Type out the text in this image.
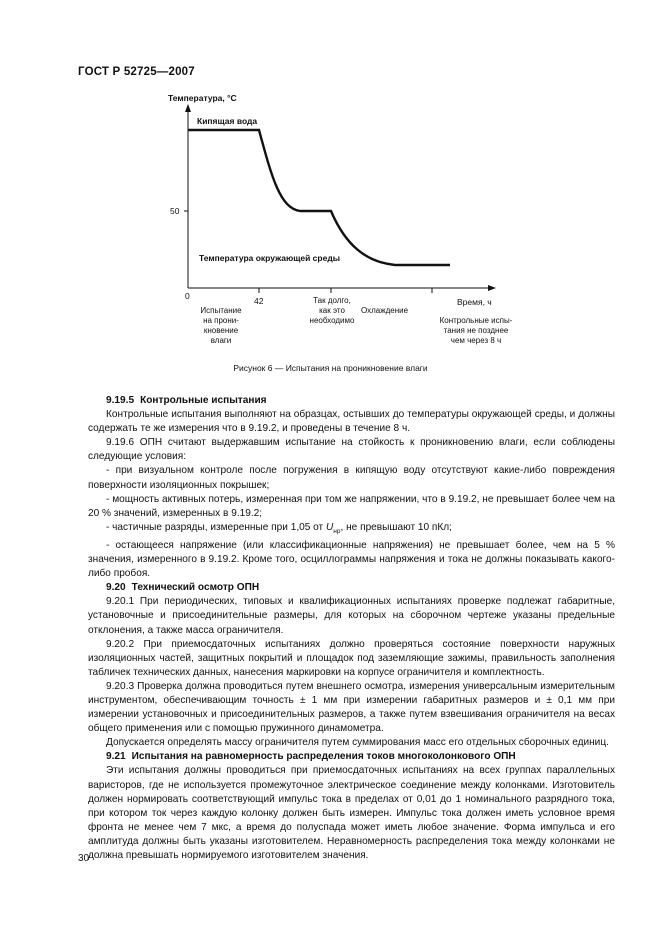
ГОСТ Р 52725—2007
Температура, °С
Кипящая вода
Температура окружающей среды
50
0	42	Время, ч
Испытание
на прони-
кновение
влаги
Так долго,
как это
необходимо
Охлаждение
Контрольные испы-
тания не позднее
чем через 8 ч
Рисунок 6 — Испытания на проникновение влаги

9.19.5 Контрольные испытания

Контрольные испытания выполняют на образцах, остывших до температуры окружающей среды, и должны содержать те же измерения что в 9.19.2, и проведены в течение 8 ч.

9.19.6 ОПН считают выдержавшим испытание на стойкость к проникновению влаги, если соблюдены следующие условия:

- при визуальном контроле после погружения в кипящую воду отсутствуют какие-либо повреждения поверхности изоляционных покрышек;

- мощность активных потерь, измеренная при том же напряжении, что в 9.19.2, не превышает более чем на 20 % значений, измеренных в 9.19.2;

- частичные разряды, измеренные при 1,05 от $U_{нр}$, не превышают 10 пКл;

- остающееся напряжение (или классификационные напряжения) не превышает более, чем на 5 % значения, измеренного в 9.19.2. Кроме того, осциллограммы напряжения и тока не должны показывать какого-либо пробоя.

9.20 Технический осмотр ОПН

9.20.1 При периодических, типовых и квалификационных испытаниях проверке подлежат габаритные, установочные и присоединительные размеры, для которых на сборочном чертеже указаны предельные отклонения, а также масса ограничителя.

9.20.2 При приемосдаточных испытаниях должно проверяться состояние поверхности наружных изоляционных частей, защитных покрытий и площадок под заземляющие зажимы, правильность заполнения табличек технических данных, нанесения маркировки на корпусе ограничителя и комплектность.

9.20.3 Проверка должна проводиться путем внешнего осмотра, измерения универсальным измерительным инструментом, обеспечивающим точность ± 1 мм при измерении габаритных размеров и ± 0,1 мм при измерении установочных и присоединительных размеров, а также путем взвешивания ограничителя на весах общего применения или с помощью пружинного динамометра.

Допускается определять массу ограничителя путем суммирования масс его отдельных сборочных единиц.

9.21 Испытания на равномерность распределения токов многоколонкового ОПН

Эти испытания должны проводиться при приемосдаточных испытаниях на всех группах параллельных варисторов, где не используется промежуточное электрическое соединение между колонками. Изготовитель должен нормировать соответствующий импульс тока в пределах от 0,01 до 1 номинального разрядного тока, при котором ток через каждую колонку должен быть измерен. Импульс тока должен иметь условное время фронта не менее чем 7 мкс, а время до полуспада может иметь любое значение. Форма импульса и его амплитуда должны быть указаны изготовителем. Неравномерность распределения тока между колонками не должна превышать нормируемого изготовителем значения.

30
